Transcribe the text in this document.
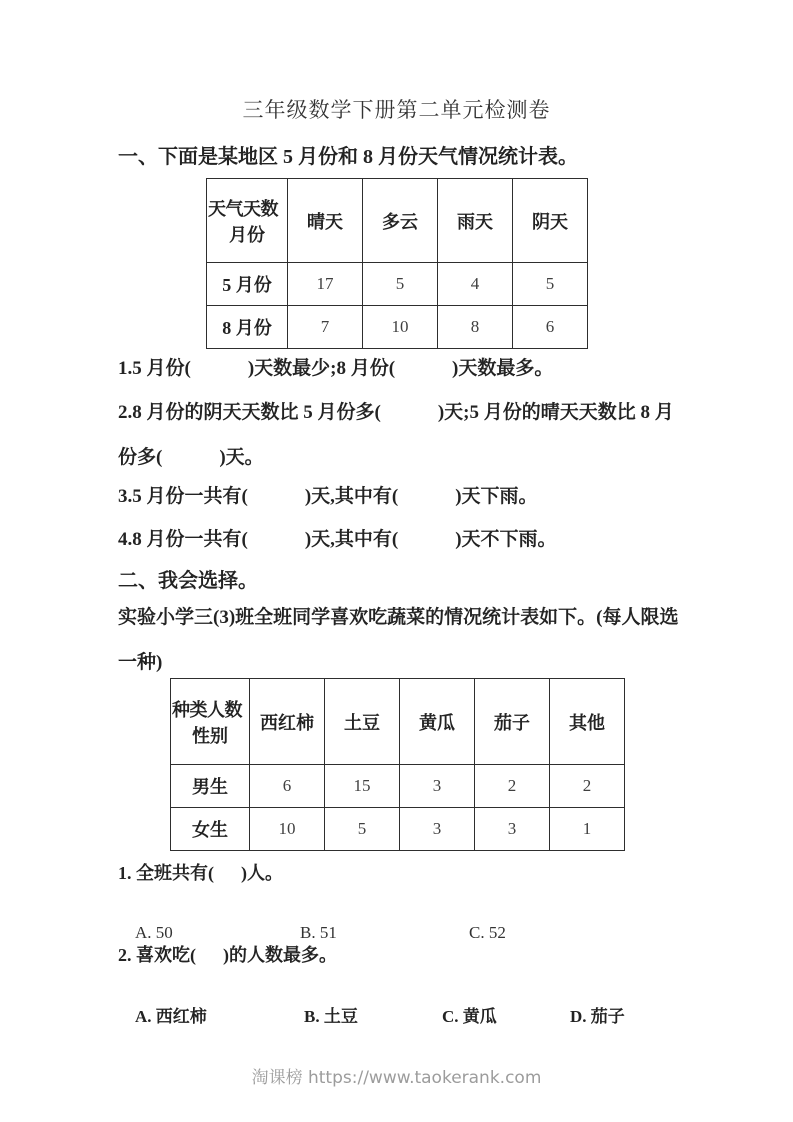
三年级数学下册第二单元检测卷
一、下面是某地区 5 月份和 8 月份天气情况统计表。
天气天数
月份	晴天	多云	雨天	阴天
5 月份	17	5	4	5
8 月份	7	10	8	6
1.5 月份(            )天数最少;8 月份(            )天数最多。
2.8 月份的阴天天数比 5 月份多(            )天;5 月份的晴天天数比 8 月
份多(            )天。
3.5 月份一共有(            )天,其中有(            )天下雨。
4.8 月份一共有(            )天,其中有(            )天不下雨。
二、我会选择。
实验小学三(3)班全班同学喜欢吃蔬菜的情况统计表如下。(每人限选
一种)
种类人数
性别	西红柿	土豆	黄瓜	茄子	其他
男生	6	15	3	2	2
女生	10	5	3	3	1
1. 全班共有(      )人。

A. 50	B. 51	C. 52

2. 喜欢吃(      )的人数最多。

A. 西红柿	B. 土豆	C. 黄瓜	D. 茄子

淘课榜 https://www.taokerank.com
